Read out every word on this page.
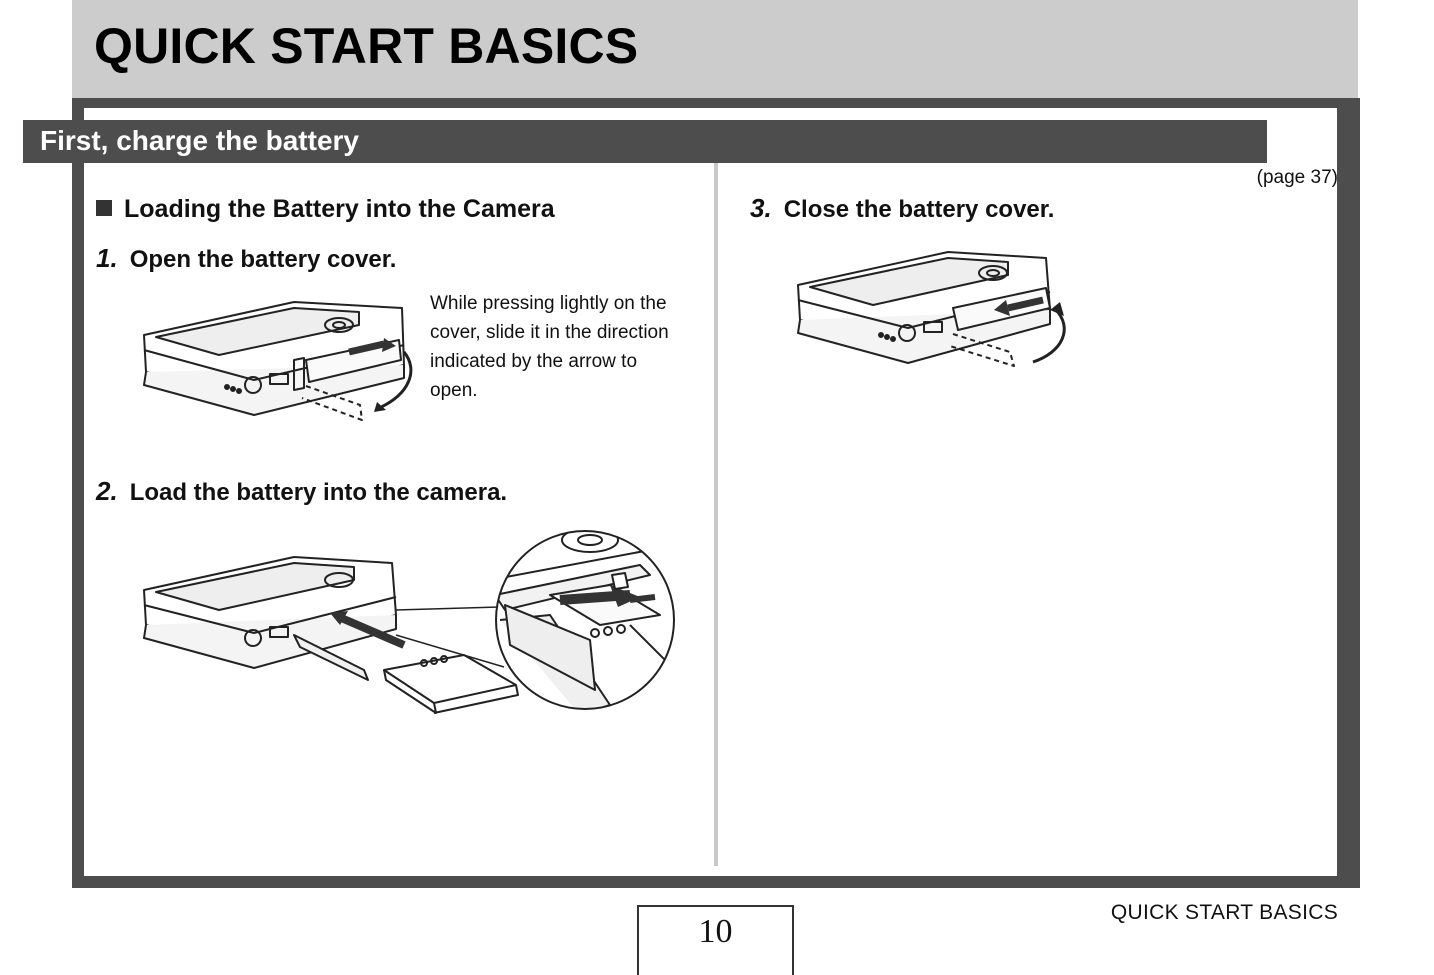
QUICK START BASICS
First, charge the battery
(page 37)
Loading the Battery into the Camera
1. Open the battery cover.
While pressing lightly on the cover, slide it in the direction indicated by the arrow to open.
2. Load the battery into the camera.
3. Close the battery cover.
QUICK START BASICS
10
